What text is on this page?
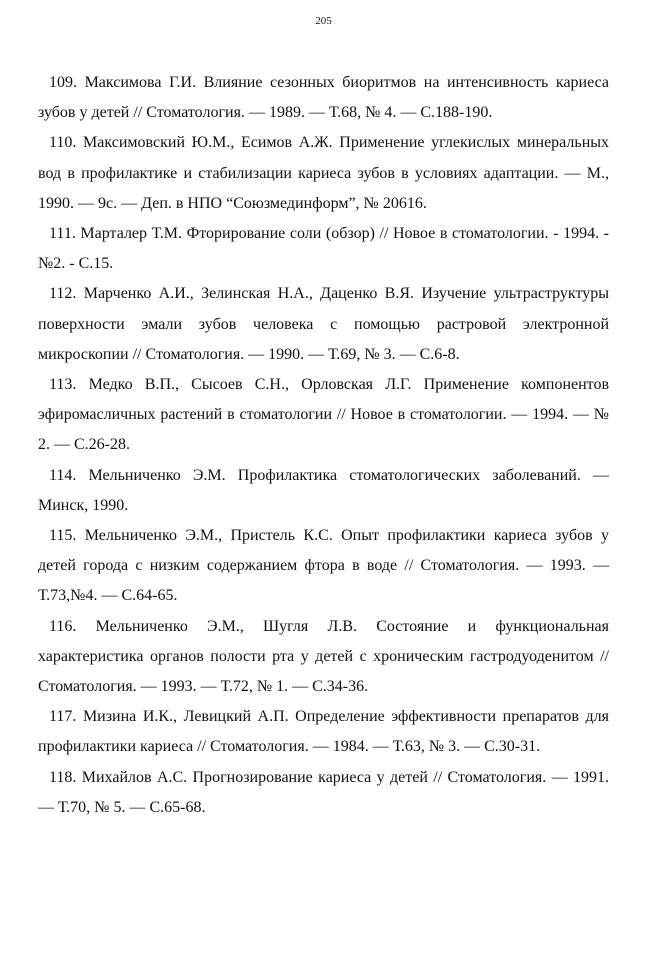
205
109. Максимова Г.И. Влияние сезонных биоритмов на интенсивность кариеса зубов у детей // Стоматология. — 1989. — Т.68, № 4. — С.188-190.
110. Максимовский Ю.М., Есимов А.Ж. Применение углекислых минеральных вод в профилактике и стабилизации кариеса зубов в условиях адаптации. — М., 1990. — 9с. — Деп. в НПО “Союзмединформ”, № 20616.
111. Марталер Т.М. Фторирование соли (обзор) // Новое в стоматологии. - 1994. - №2. - С.15.
112. Марченко А.И., Зелинская Н.А., Даценко В.Я. Изучение ультраструктуры поверхности эмали зубов человека с помощью растровой электронной микроскопии // Стоматология. — 1990. — Т.69, № 3. — С.6-8.
113. Медко В.П., Сысоев С.Н., Орловская Л.Г. Применение компонентов эфиромасличных растений в стоматологии // Новое в стоматологии. — 1994. — № 2. — С.26-28.
114. Мельниченко Э.М. Профилактика стоматологических заболеваний. — Минск, 1990.
115. Мельниченко Э.М., Пристель К.С. Опыт профилактики кариеса зубов у детей города с низким содержанием фтора в воде // Стоматология. — 1993. — Т.73,№4. — С.64-65.
116. Мельниченко Э.М., Шугля Л.В. Состояние и функциональная характеристика органов полости рта у детей с хроническим гастродуоденитом // Стоматология. — 1993. — Т.72, № 1. — С.34-36.
117. Мизина И.К., Левицкий А.П. Определение эффективности препаратов для профилактики кариеса // Стоматология. — 1984. — Т.63, № 3. — С.30-31.
118. Михайлов А.С. Прогнозирование кариеса у детей // Стоматология. — 1991. — Т.70, № 5. — С.65-68.
